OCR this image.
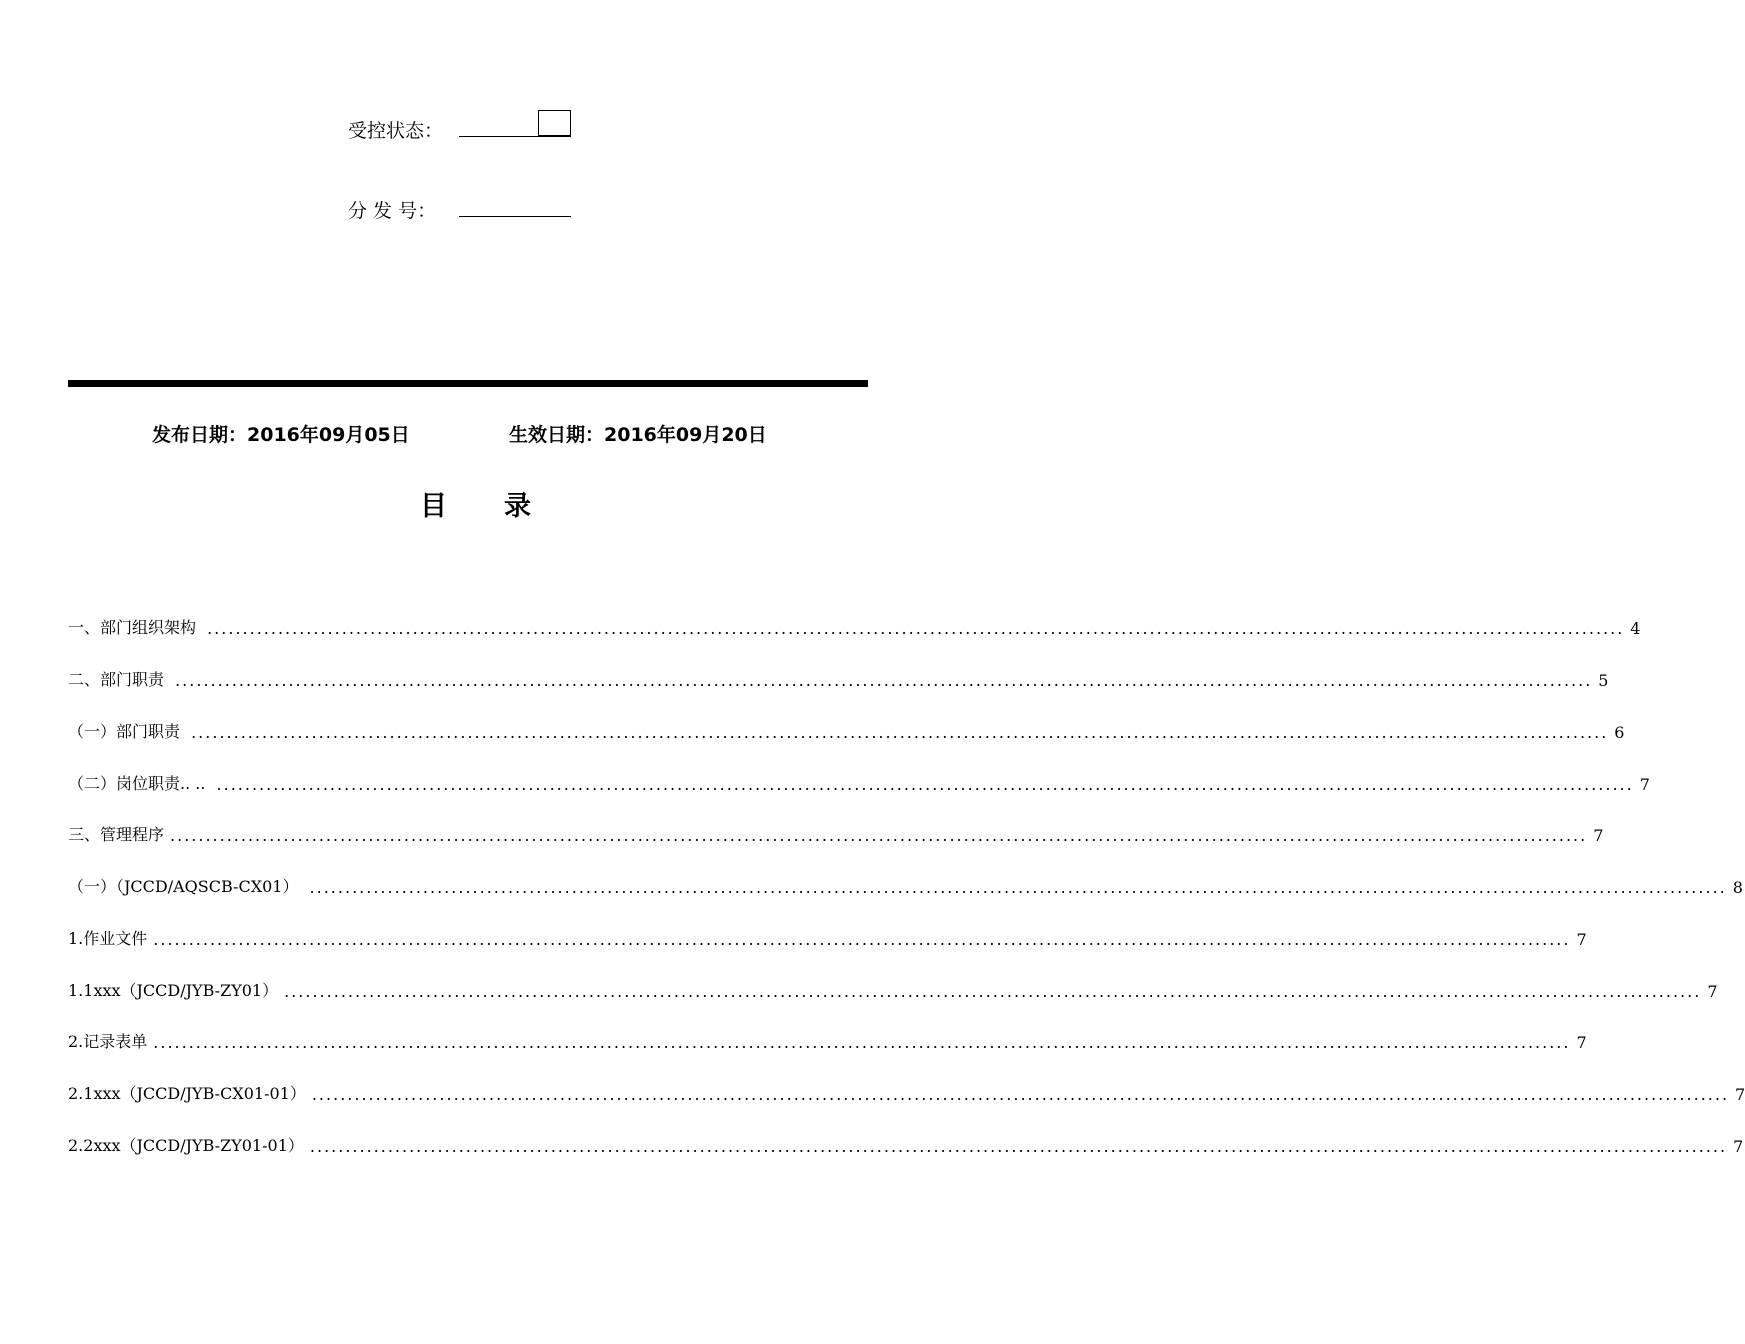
受控状态：
分 发 号：
发布日期：2016年09月05日	生效日期：2016年09月20日
目 录
一、部门组织架构 ........................................................................................................................................................................................................ 4
二、部门职责 ........................................................................................................................................................................................................ 5
（一）部门职责 ........................................................................................................................................................................................................ 6
（二）岗位职责.. .. ........................................................................................................................................................................................................ 7
三、管理程序 ........................................................................................................................................................................................................ 7
（一）（JCCD/AQSCB-CX01） ........................................................................................................................................................................................................ 8
1.作业文件 ........................................................................................................................................................................................................ 7
1.1xxx（JCCD/JYB-ZY01） ........................................................................................................................................................................................................ 7
2.记录表单 ........................................................................................................................................................................................................ 7
2.1xxx（JCCD/JYB-CX01-01） ........................................................................................................................................................................................................ 7
2.2xxx（JCCD/JYB-ZY01-01） ........................................................................................................................................................................................................ 7
